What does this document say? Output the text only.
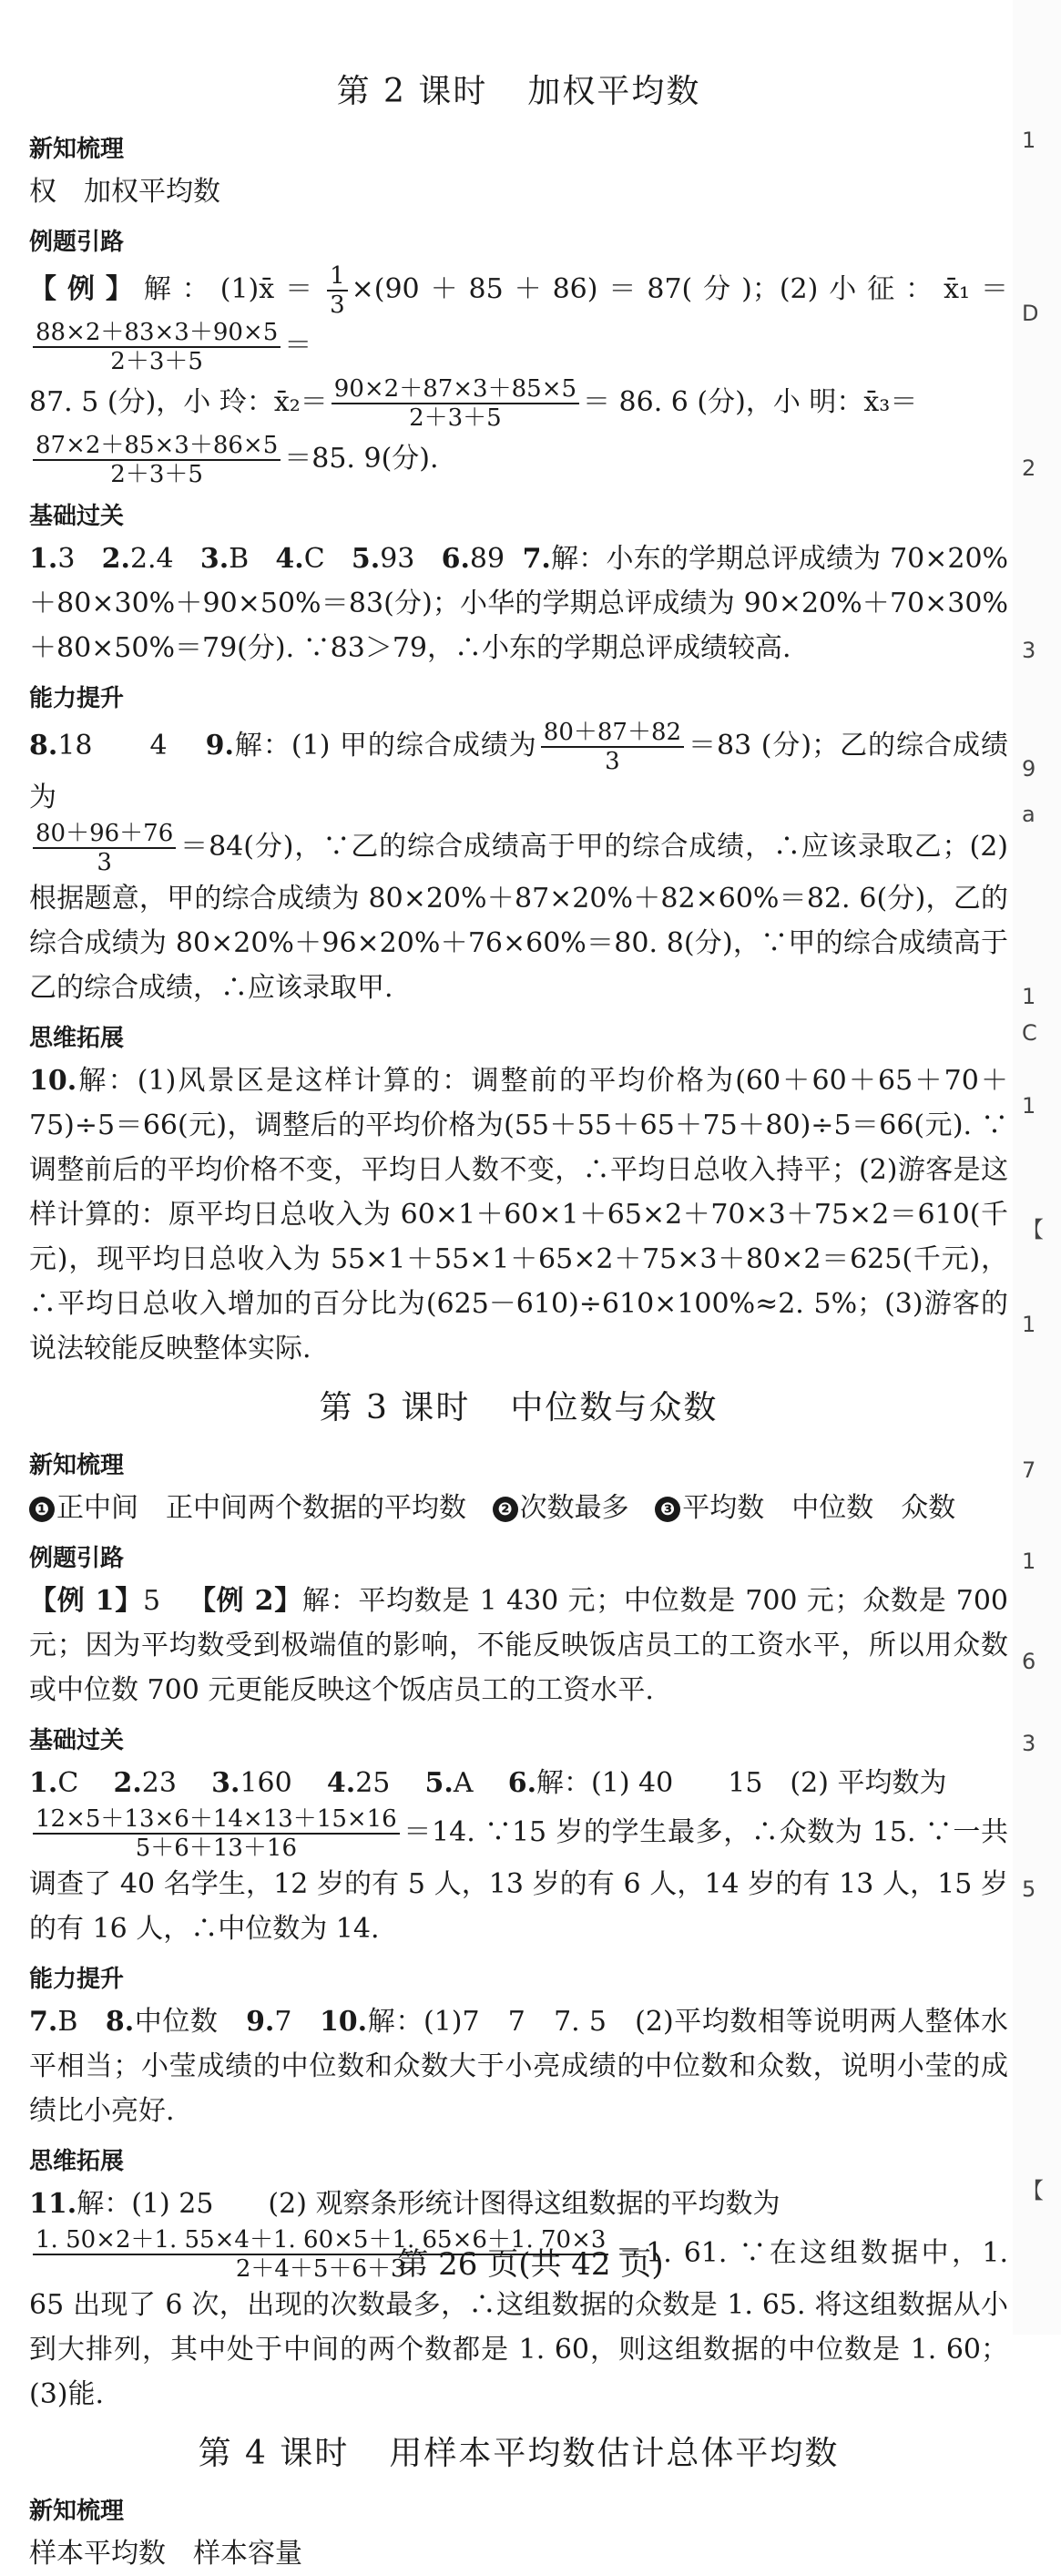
第 2 课时 加权平均数
新知梳理

权　加权平均数

例题引路

【例】解：(1)x̄＝ $\frac{1}{3} \times(90+85+86)=87$(分)；(2)小征：x̄₁＝
$\frac{88\times 2+83\times 3+90\times 5}{2+3+5}$ ＝
87. 5 (分)，小 玲：x̄₂＝ $\frac{90\times 2+87\times 3+85\times 5}{2+3+5} = 86$. 6 (分)，小 明：x̄₃＝

$\frac{87\times 2+85\times 3+86\times 5}{2+3+5} =85$. 9(分).

基础过关

1.3 2.2.4 3.B 4.C 5.93 6.89 7.解：小东的学期总评成绩为 70×20%＋80×30%＋90×50%＝83(分)；小华的学期总评成绩为 90×20%＋70×30%＋80×50%＝79(分). ∵83＞79，∴小东的学期总评成绩较高.

能力提升

8.18　　4 9.解：(1) 甲的综合成绩为 $\frac{80+87+82}{3} =83$ (分)；乙的综合成绩为

$\frac{80+96+76}{3} =84$(分)，∵乙的综合成绩高于甲的综合成绩，∴应该录取乙；(2)根据题意，甲的综合成绩为 80×20%＋87×20%＋82×60%＝82. 6(分)，乙的综合成绩为 80×20%＋96×20%＋76×60%＝80. 8(分)，∵甲的综合成绩高于乙的综合成绩，∴应该录取甲.

思维拓展

10.解：(1)风景区是这样计算的：调整前的平均价格为(60＋60＋65＋70＋75)÷5＝66(元)，调整后的平均价格为(55＋55＋65＋75＋80)÷5＝66(元). ∵调整前后的平均价格不变，平均日人数不变，∴平均日总收入持平；(2)游客是这样计算的：原平均日总收入为 60×1＋60×1＋65×2＋70×3＋75×2＝610(千元)，现平均日总收入为 55×1＋55×1＋65×2＋75×3＋80×2＝625(千元)，∴平均日总收入增加的百分比为(625－610)÷610×100%≈2. 5%；(3)游客的说法较能反映整体实际.

第 3 课时 中位数与众数
新知梳理

❶ 正中间　正中间两个数据的平均数 ❷ 次数最多 ❸ 平均数　中位数　众数

例题引路

【例 1】5 【例 2】解：平均数是 1 430 元；中位数是 700 元；众数是 700 元；因为平均数受到极端值的影响，不能反映饭店员工的工资水平，所以用众数或中位数 700 元更能反映这个饭店员工的工资水平.

基础过关

1.C 2.23 3.160 4.25 5.A 6.解：(1) 40　　15　(2) 平均数为

$\frac{12\times 5+13\times 6+14\times 13+15\times 16}{5+6+13+16} =14$. ∵15 岁的学生最多，∴众数为 15. ∵一共调查了 40 名学生，12 岁的有 5 人，13 岁的有 6 人，14 岁的有 13 人，15 岁的有 16 人，∴中位数为 14.

能力提升

7.B 8.中位数 9.7 10.解：(1)7　7　7. 5　(2)平均数相等说明两人整体水平相当；小莹成绩的中位数和众数大于小亮成绩的中位数和众数，说明小莹的成绩比小亮好.

思维拓展

11.解：(1) 25　　(2) 观察条形统计图得这组数据的平均数为

$\frac{1. 50\times 2+1. 55\times 4+1. 60\times 5+1. 65\times 6+1. 70\times 3}{2+4+5+6+3} =1$. 61. ∵在这组数据中，1. 65 出现了 6 次，出现的次数最多，∴这组数据的众数是 1. 65. 将这组数据从小到大排列，其中处于中间的两个数都是 1. 60，则这组数据的中位数是 1. 60；(3)能.

第 4 课时 用样本平均数估计总体平均数
新知梳理

样本平均数　样本容量

第 26 页(共 42 页)
1
D
2
3
9
a
1
C
1
【
1
7
1
6
3
5
【
